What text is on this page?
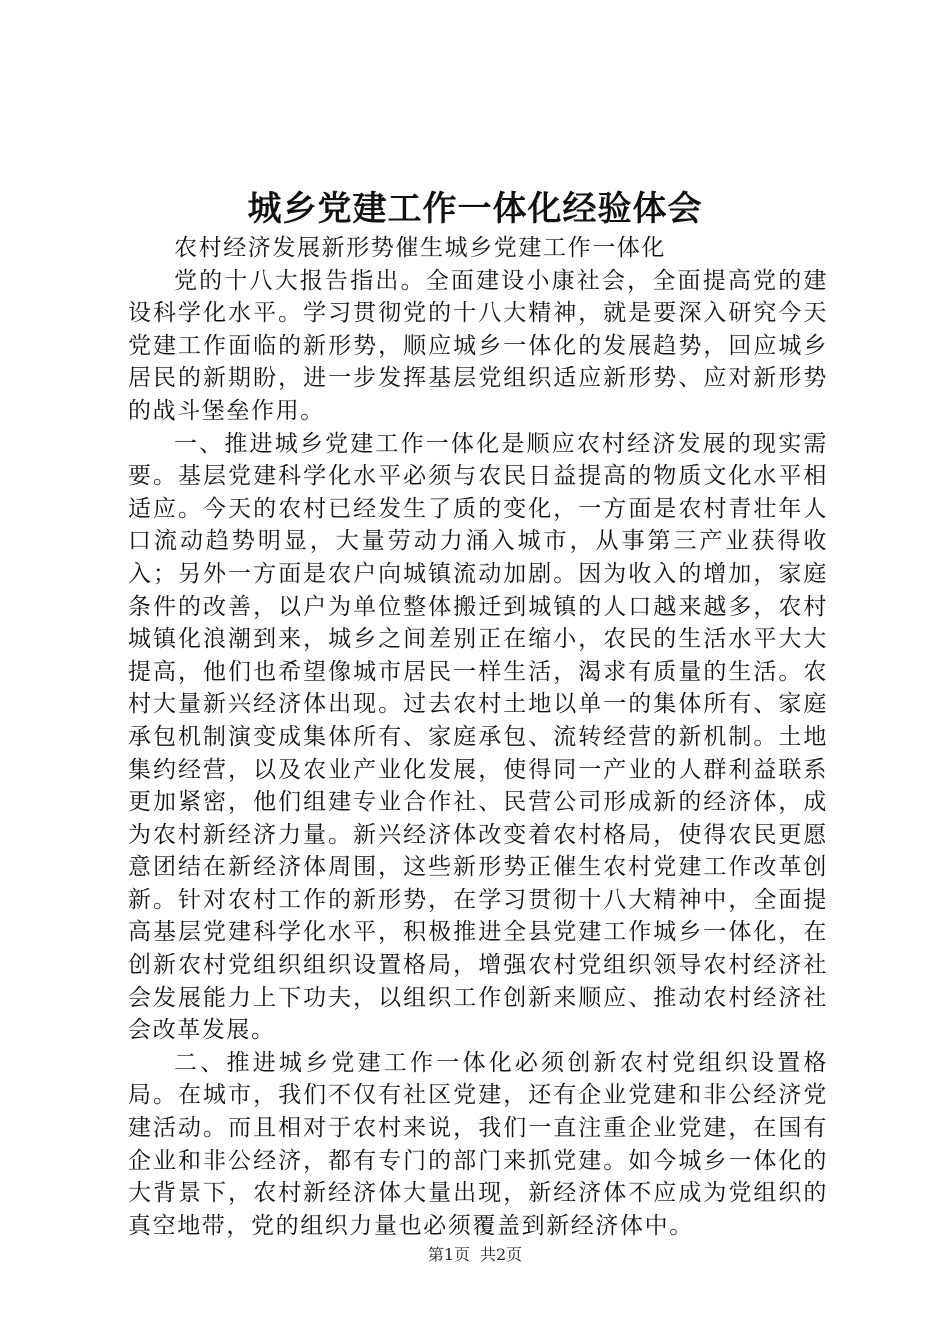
城乡党建工作一体化经验体会

农村经济发展新形势催生城乡党建工作一体化

党的十八大报告指出。全面建设小康社会，全面提高党的建设科学化水平。学习贯彻党的十八大精神，就是要深入研究今天党建工作面临的新形势，顺应城乡一体化的发展趋势，回应城乡居民的新期盼，进一步发挥基层党组织适应新形势、应对新形势的战斗堡垒作用。

一、推进城乡党建工作一体化是顺应农村经济发展的现实需要。基层党建科学化水平必须与农民日益提高的物质文化水平相适应。今天的农村已经发生了质的变化，一方面是农村青壮年人口流动趋势明显，大量劳动力涌入城市，从事第三产业获得收入；另外一方面是农户向城镇流动加剧。因为收入的增加，家庭条件的改善，以户为单位整体搬迁到城镇的人口越来越多，农村城镇化浪潮到来，城乡之间差别正在缩小，农民的生活水平大大提高，他们也希望像城市居民一样生活，渴求有质量的生活。农村大量新兴经济体出现。过去农村土地以单一的集体所有、家庭承包机制演变成集体所有、家庭承包、流转经营的新机制。土地集约经营，以及农业产业化发展，使得同一产业的人群利益联系更加紧密，他们组建专业合作社、民营公司形成新的经济体，成为农村新经济力量。新兴经济体改变着农村格局，使得农民更愿意团结在新经济体周围，这些新形势正催生农村党建工作改革创新。针对农村工作的新形势，在学习贯彻十八大精神中，全面提高基层党建科学化水平，积极推进全县党建工作城乡一体化，在创新农村党组织组织设置格局，增强农村党组织领导农村经济社会发展能力上下功夫，以组织工作创新来顺应、推动农村经济社会改革发展。

二、推进城乡党建工作一体化必须创新农村党组织设置格局。在城市，我们不仅有社区党建，还有企业党建和非公经济党建活动。而且相对于农村来说，我们一直注重企业党建，在国有企业和非公经济，都有专门的部门来抓党建。如今城乡一体化的大背景下，农村新经济体大量出现，新经济体不应成为党组织的真空地带，党的组织力量也必须覆盖到新经济体中。

第1页 共2页
